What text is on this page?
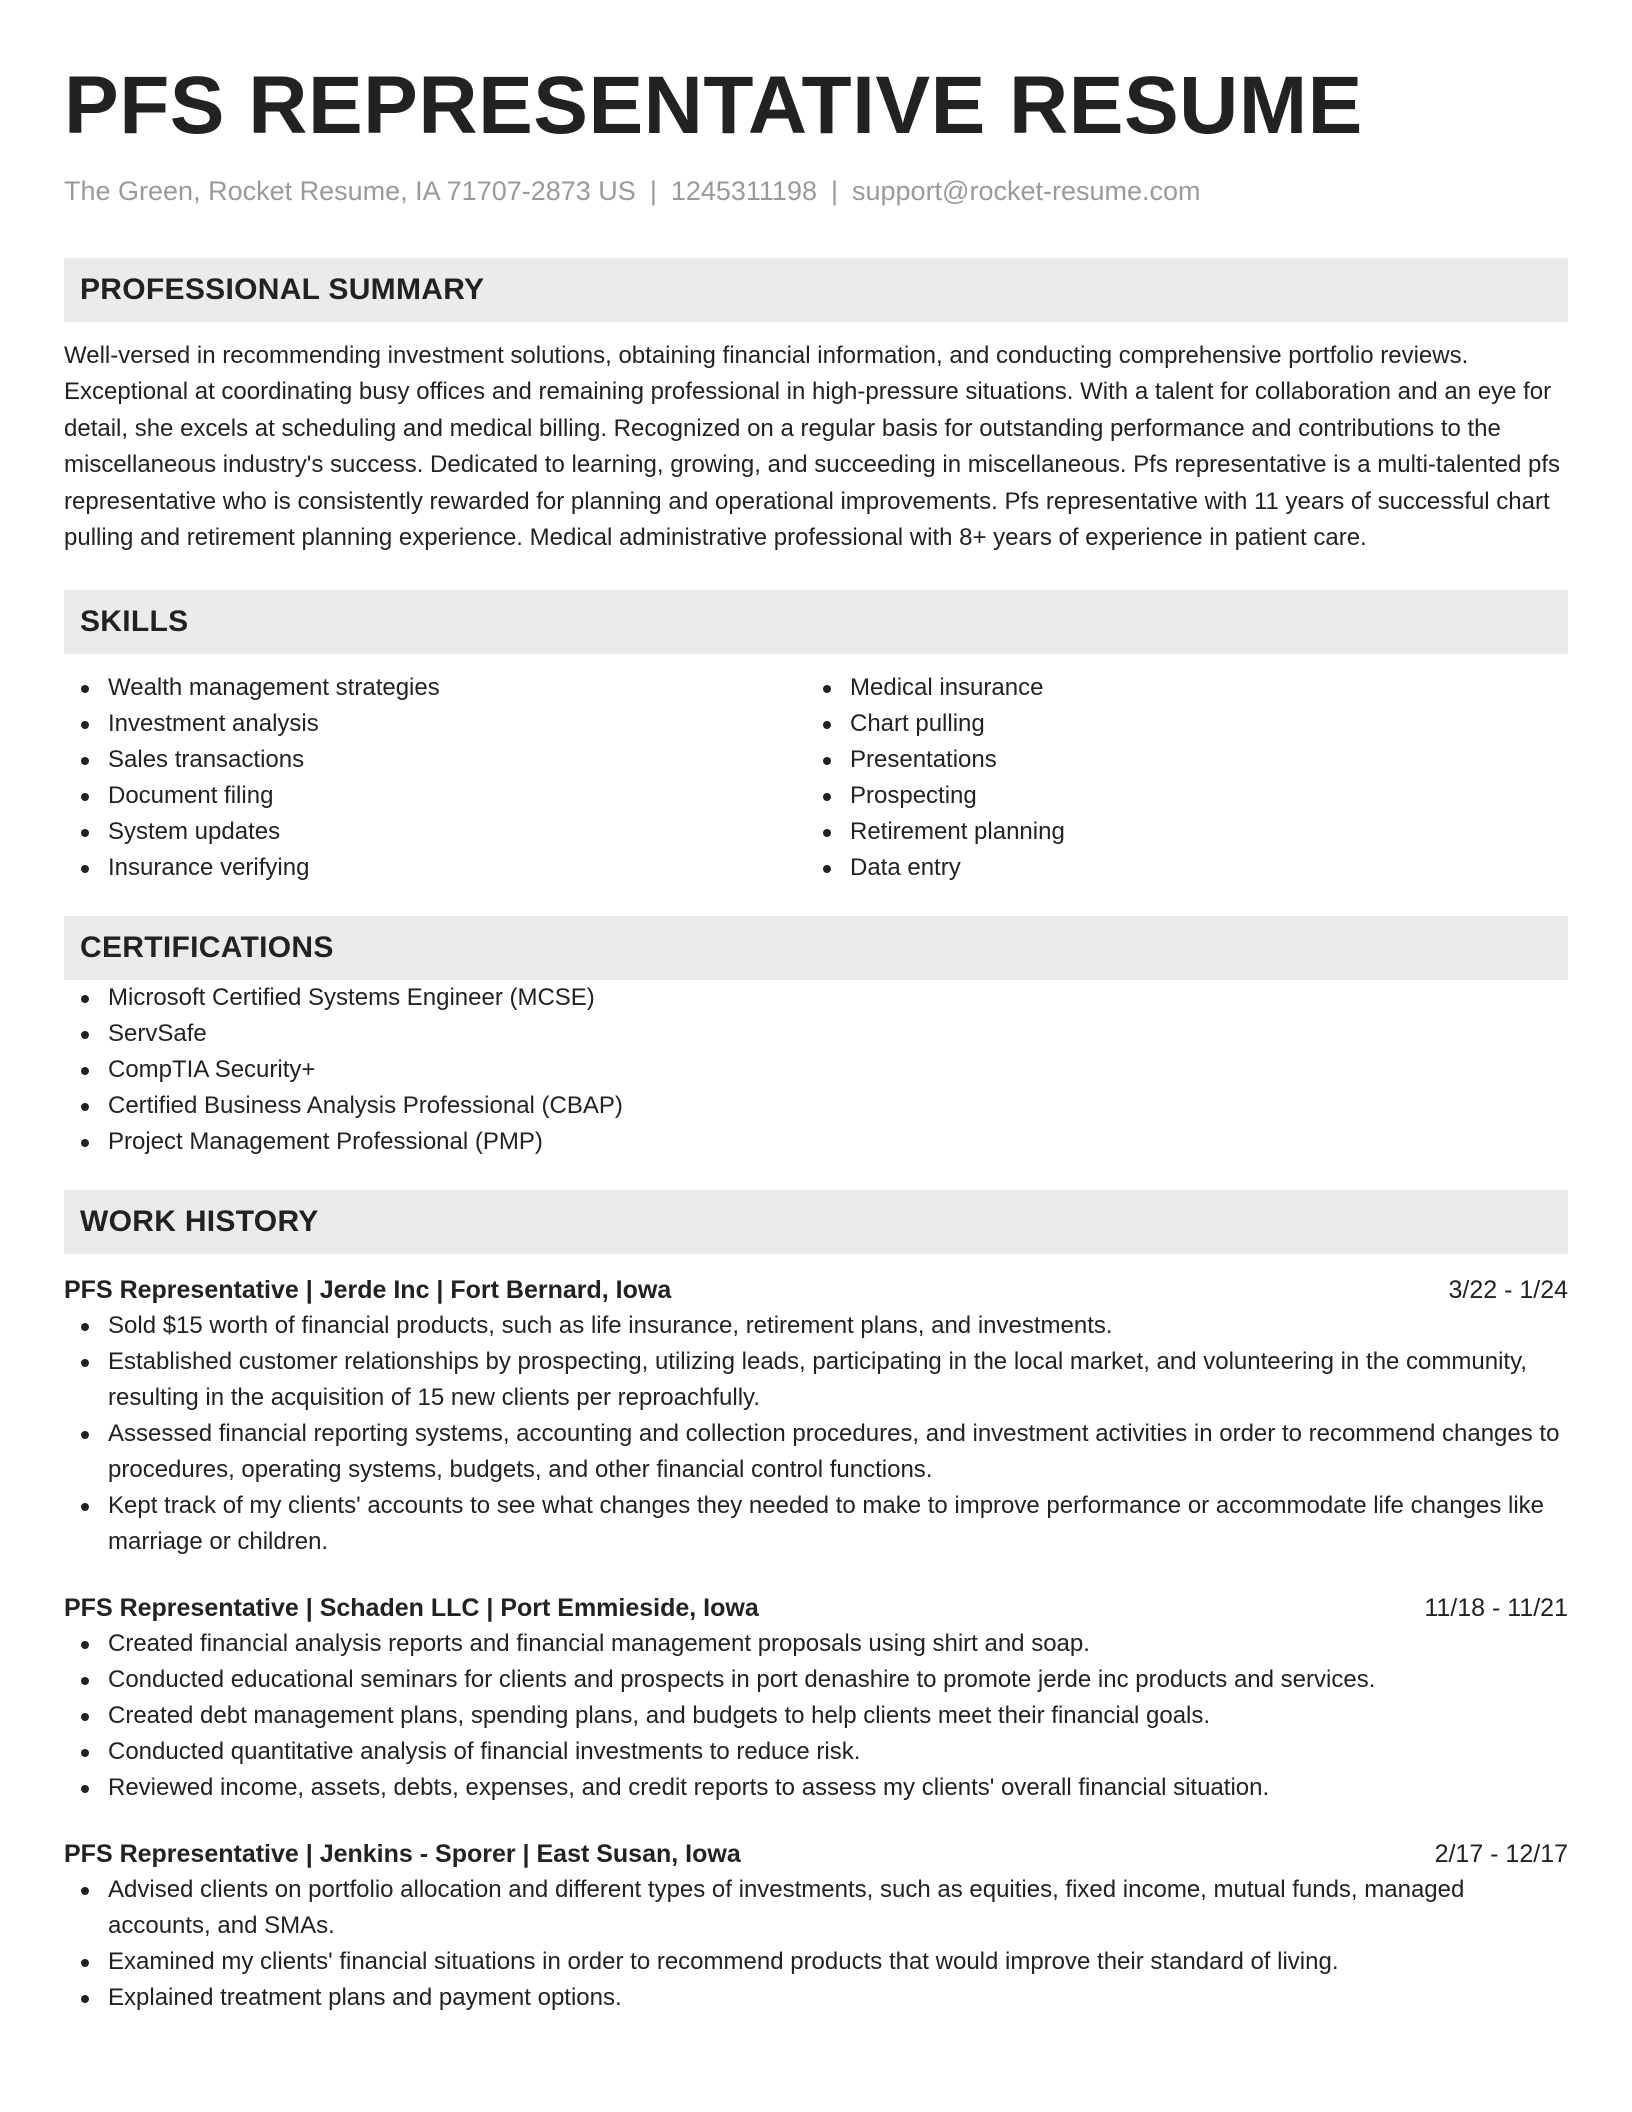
PFS REPRESENTATIVE RESUME
The Green, Rocket Resume, IA 71707-2873 US | 1245311198 | support@rocket-resume.com
PROFESSIONAL SUMMARY

Well-versed in recommending investment solutions, obtaining financial information, and conducting comprehensive portfolio reviews. Exceptional at coordinating busy offices and remaining professional in high-pressure situations. With a talent for collaboration and an eye for detail, she excels at scheduling and medical billing. Recognized on a regular basis for outstanding performance and contributions to the miscellaneous industry's success. Dedicated to learning, growing, and succeeding in miscellaneous. Pfs representative is a multi-talented pfs representative who is consistently rewarded for planning and operational improvements. Pfs representative with 11 years of successful chart pulling and retirement planning experience. Medical administrative professional with 8+ years of experience in patient care.

SKILLS
Wealth management strategies
Investment analysis
Sales transactions
Document filing
System updates
Insurance verifying
Medical insurance
Chart pulling
Presentations
Prospecting
Retirement planning
Data entry
CERTIFICATIONS
Microsoft Certified Systems Engineer (MCSE)
ServSafe
CompTIA Security+
Certified Business Analysis Professional (CBAP)
Project Management Professional (PMP)
WORK HISTORY
PFS Representative | Jerde Inc | Fort Bernard, Iowa	3/22 - 1/24
Sold $15 worth of financial products, such as life insurance, retirement plans, and investments.
Established customer relationships by prospecting, utilizing leads, participating in the local market, and volunteering in the community, resulting in the acquisition of 15 new clients per reproachfully.
Assessed financial reporting systems, accounting and collection procedures, and investment activities in order to recommend changes to procedures, operating systems, budgets, and other financial control functions.
Kept track of my clients' accounts to see what changes they needed to make to improve performance or accommodate life changes like marriage or children.
PFS Representative | Schaden LLC | Port Emmieside, Iowa	11/18 - 11/21
Created financial analysis reports and financial management proposals using shirt and soap.
Conducted educational seminars for clients and prospects in port denashire to promote jerde inc products and services.
Created debt management plans, spending plans, and budgets to help clients meet their financial goals.
Conducted quantitative analysis of financial investments to reduce risk.
Reviewed income, assets, debts, expenses, and credit reports to assess my clients' overall financial situation.
PFS Representative | Jenkins - Sporer | East Susan, Iowa	2/17 - 12/17
Advised clients on portfolio allocation and different types of investments, such as equities, fixed income, mutual funds, managed accounts, and SMAs.
Examined my clients' financial situations in order to recommend products that would improve their standard of living.
Explained treatment plans and payment options.
